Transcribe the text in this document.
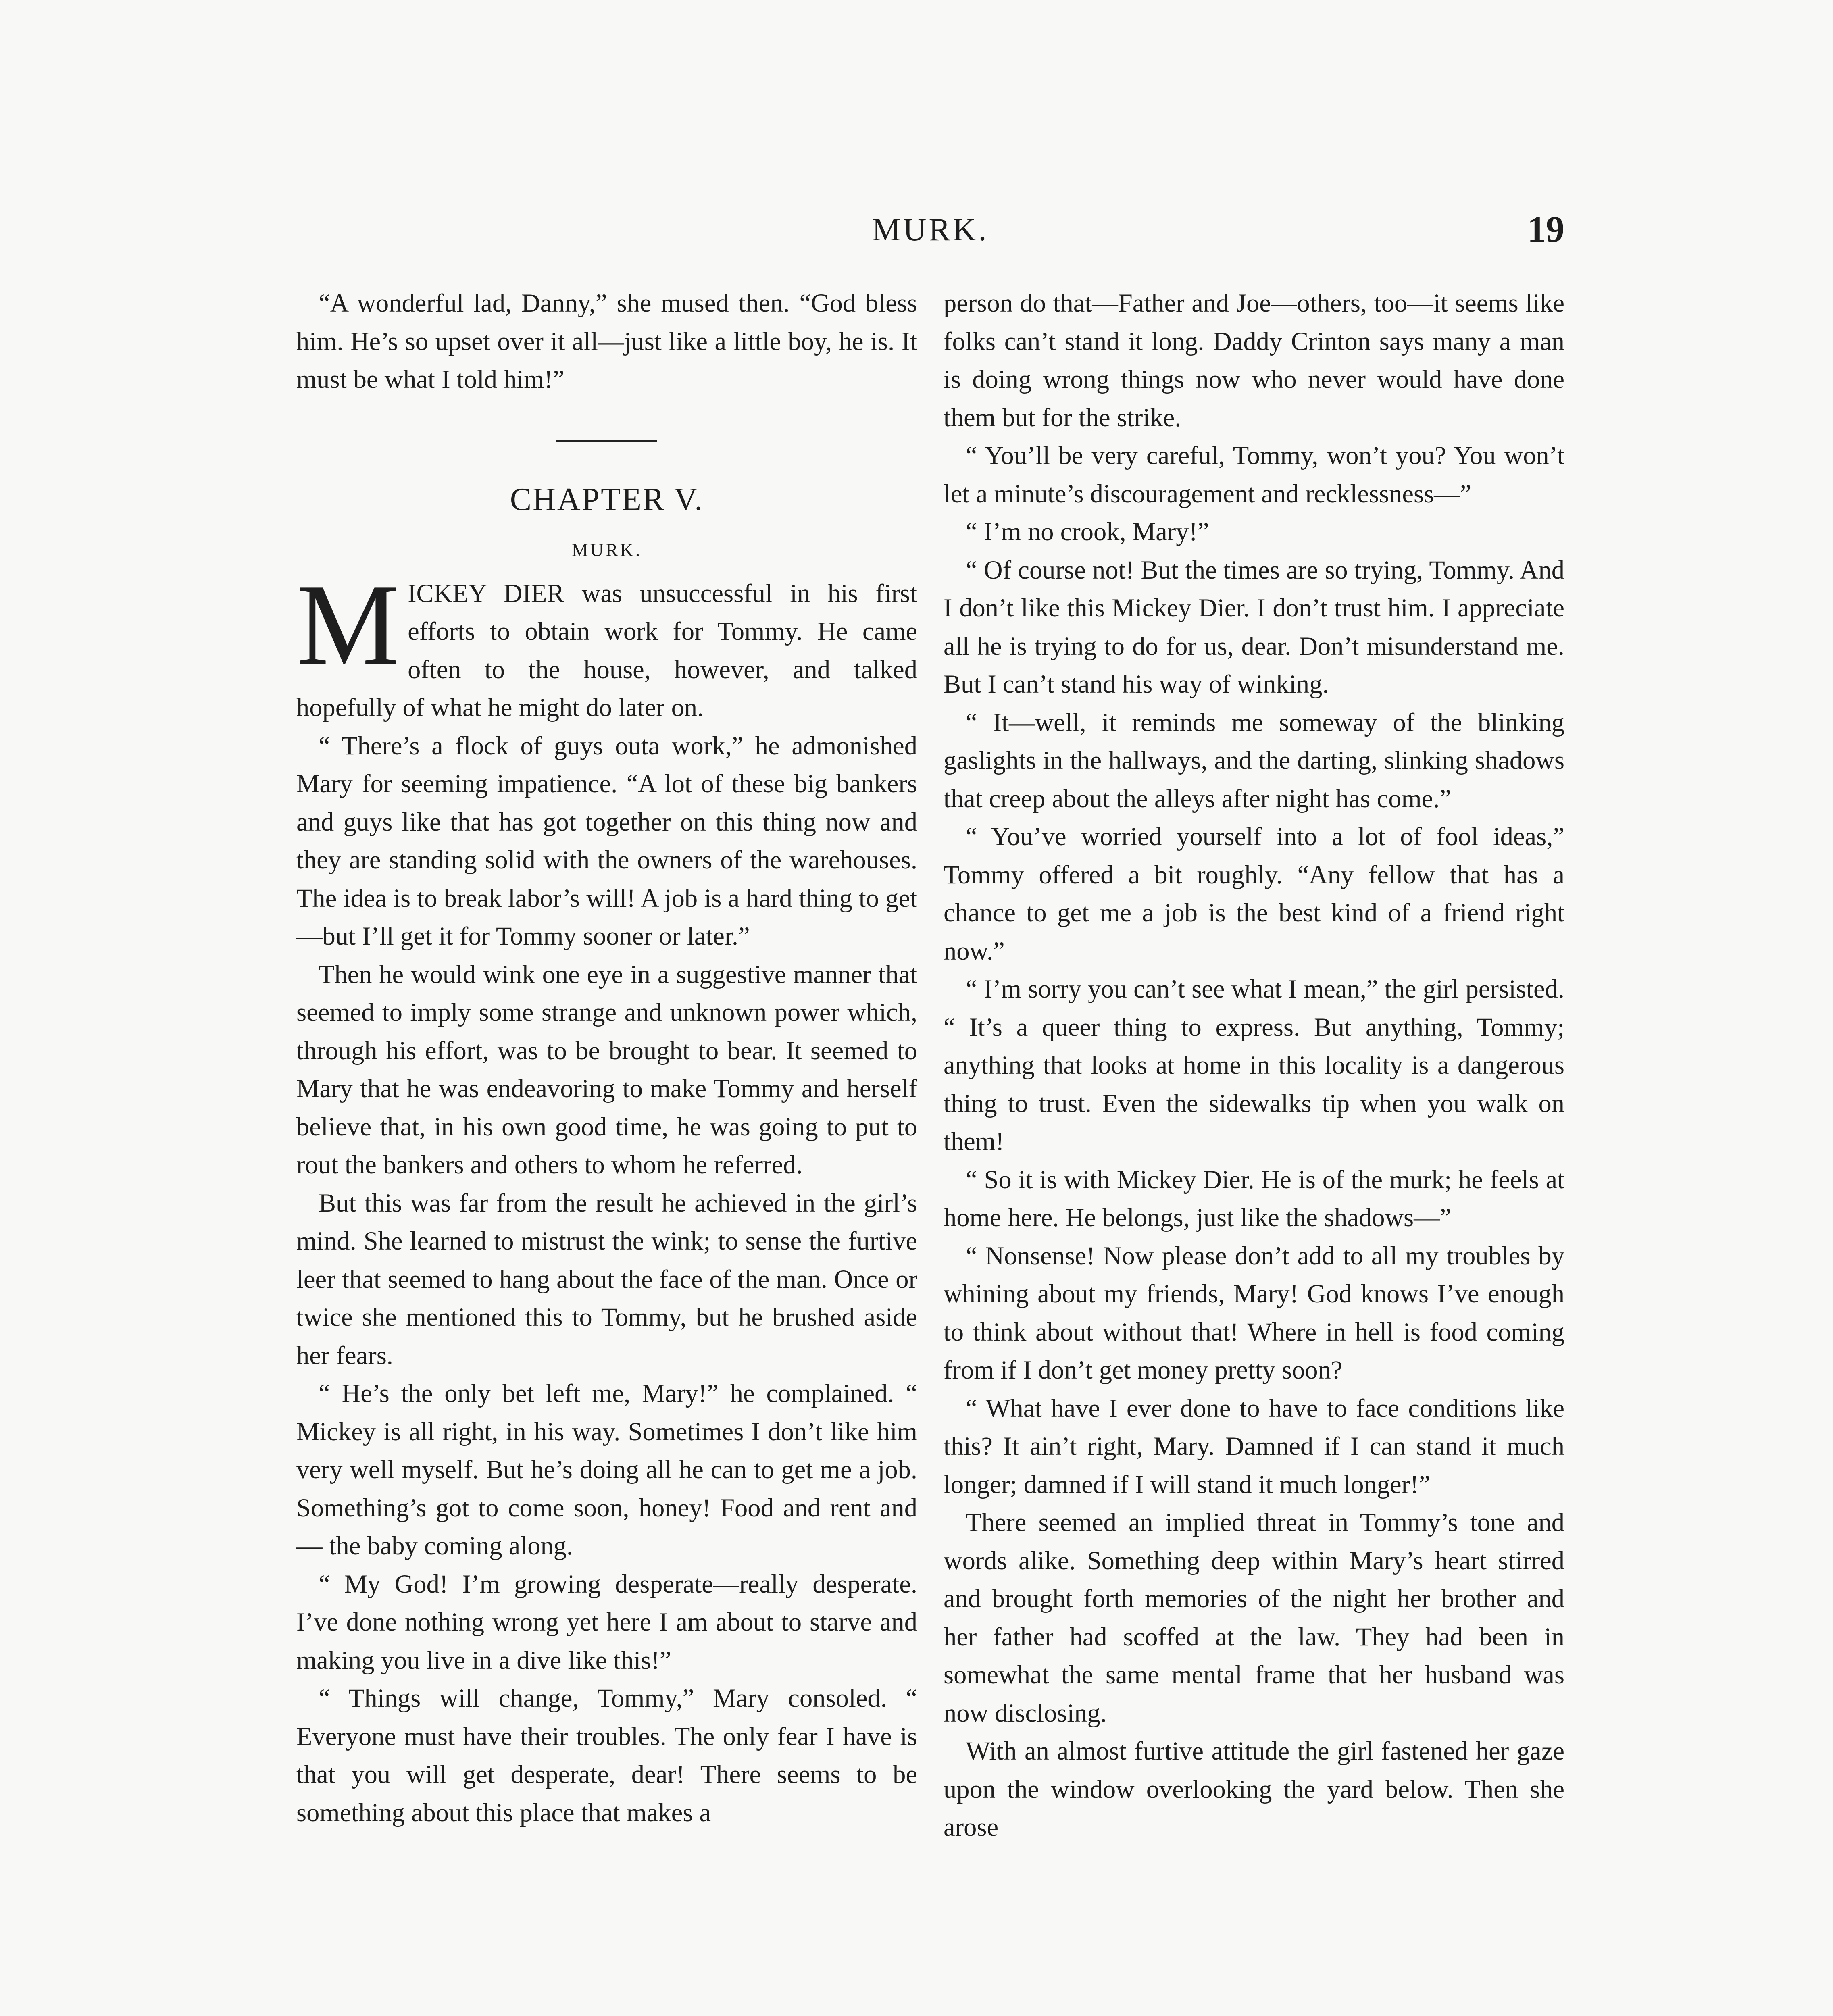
MURK.	19

“A wonderful lad, Danny,” she mused then. “God bless him. He’s so upset over it all—just like a little boy, he is. It must be what I told him!”

CHAPTER V.
MURK.

MICKEY DIER was unsuccessful in his first efforts to obtain work for Tommy. He came often to the house, however, and talked hopefully of what he might do later on.

“ There’s a flock of guys outa work,” he admonished Mary for seeming impatience. “A lot of these big bankers and guys like that has got together on this thing now and they are standing solid with the owners of the warehouses. The idea is to break labor’s will! A job is a hard thing to get—but I’ll get it for Tommy sooner or later.”

Then he would wink one eye in a suggestive manner that seemed to imply some strange and unknown power which, through his effort, was to be brought to bear. It seemed to Mary that he was endeavoring to make Tommy and herself believe that, in his own good time, he was going to put to rout the bankers and others to whom he referred.

But this was far from the result he achieved in the girl’s mind. She learned to mistrust the wink; to sense the furtive leer that seemed to hang about the face of the man. Once or twice she mentioned this to Tommy, but he brushed aside her fears.

“ He’s the only bet left me, Mary!” he complained. “ Mickey is all right, in his way. Sometimes I don’t like him very well myself. But he’s doing all he can to get me a job. Something’s got to come soon, honey! Food and rent and — the baby coming along.

“ My God! I’m growing desperate—really desperate. I’ve done nothing wrong yet here I am about to starve and making you live in a dive like this!”

“ Things will change, Tommy,” Mary consoled. “ Everyone must have their troubles. The only fear I have is that you will get desperate, dear! There seems to be something about this place that makes a

person do that—Father and Joe—others, too—it seems like folks can’t stand it long. Daddy Crinton says many a man is doing wrong things now who never would have done them but for the strike.

“ You’ll be very careful, Tommy, won’t you? You won’t let a minute’s discouragement and recklessness—”

“ I’m no crook, Mary!”

“ Of course not! But the times are so trying, Tommy. And I don’t like this Mickey Dier. I don’t trust him. I appreciate all he is trying to do for us, dear. Don’t misunderstand me. But I can’t stand his way of winking.

“ It—well, it reminds me someway of the blinking gaslights in the hallways, and the darting, slinking shadows that creep about the alleys after night has come.”

“ You’ve worried yourself into a lot of fool ideas,” Tommy offered a bit roughly. “Any fellow that has a chance to get me a job is the best kind of a friend right now.”

“ I’m sorry you can’t see what I mean,” the girl persisted. “ It’s a queer thing to express. But anything, Tommy; anything that looks at home in this locality is a dangerous thing to trust. Even the sidewalks tip when you walk on them!

“ So it is with Mickey Dier. He is of the murk; he feels at home here. He belongs, just like the shadows—”

“ Nonsense! Now please don’t add to all my troubles by whining about my friends, Mary! God knows I’ve enough to think about without that! Where in hell is food coming from if I don’t get money pretty soon?

“ What have I ever done to have to face conditions like this? It ain’t right, Mary. Damned if I can stand it much longer; damned if I will stand it much longer!”

There seemed an implied threat in Tommy’s tone and words alike. Something deep within Mary’s heart stirred and brought forth memories of the night her brother and her father had scoffed at the law. They had been in somewhat the same mental frame that her husband was now disclosing.

With an almost furtive attitude the girl fastened her gaze upon the window overlooking the yard below. Then she arose
